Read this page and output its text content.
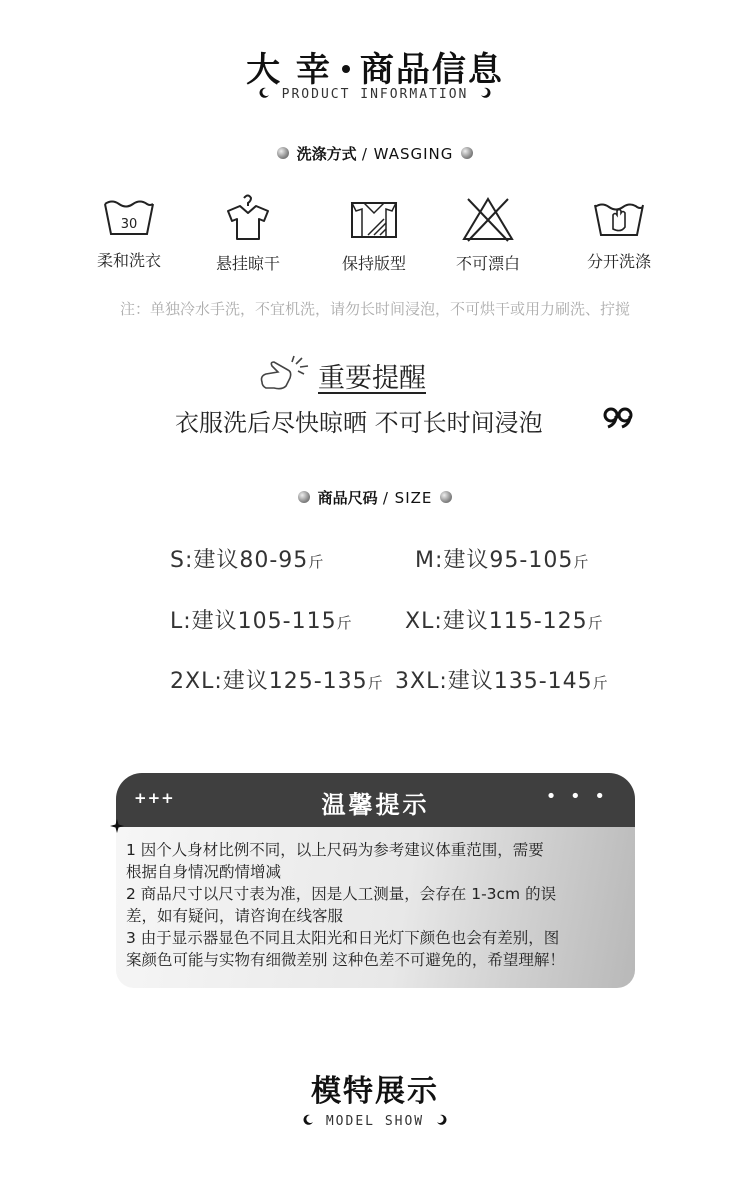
大 幸 商品信息
PRODUCT INFORMATION
洗涤方式 / WASGING
30
柔和洗衣	悬挂晾干	保持版型	不可漂白	分开洗涤
注：单独冷水手洗，不宜机洗，请勿长时间浸泡，不可烘干或用力刷洗、拧搅
重要提醒
衣服洗后尽快晾晒 不可长时间浸泡
商品尺码 / SIZE
S:建议80-95斤	M:建议95-105斤
L:建议105-115斤 XL:建议115-125斤
2XL:建议125-135斤 3XL:建议135-145斤
+++	温馨提示	• • •
1 因个人身材比例不同，以上尺码为参考建议体重范围，需要
根据自身情况酌情增减
2 商品尺寸以尺寸表为准，因是人工测量，会存在 1-3cm 的误
差，如有疑问，请咨询在线客服
3 由于显示器显色不同且太阳光和日光灯下颜色也会有差别，图
案颜色可能与实物有细微差别 这种色差不可避免的，希望理解！
模特展示
MODEL SHOW
